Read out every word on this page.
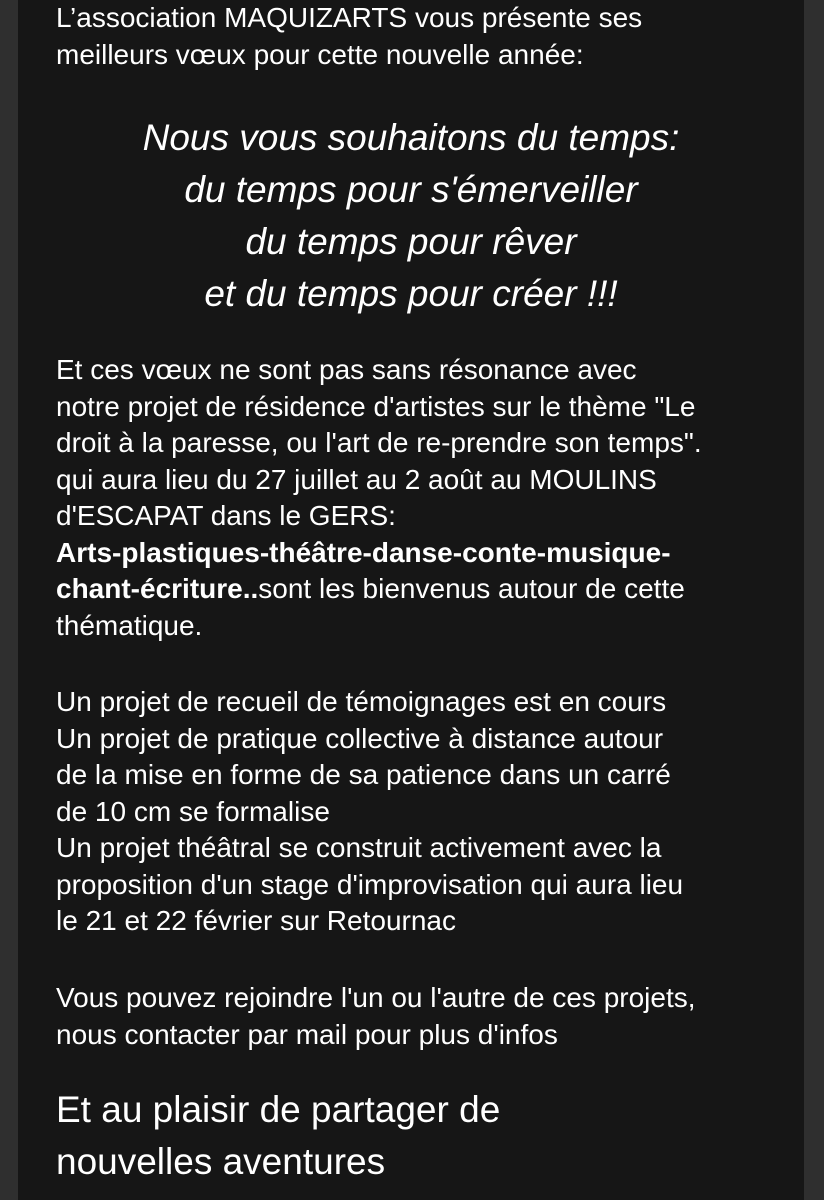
L’association MAQUIZARTS vous présente ses
meilleurs vœux pour cette nouvelle année:

Nous vous souhaitons du temps:
du temps pour s'émerveiller
du temps pour rêver
et du temps pour créer !!!

Et ces vœux ne sont pas sans résonance avec
notre projet de résidence d'artistes sur le thème "Le
droit à la paresse, ou l'art de re-prendre son temps".
qui aura lieu du 27 juillet au 2 août au MOULINS
d'ESCAPAT dans le GERS:
Arts-plastiques-théâtre-danse-conte-musique-
chant-écriture..sont les bienvenus autour de cette
thématique.

Un projet de recueil de témoignages est en cours
Un projet de pratique collective à distance autour
de la mise en forme de sa patience dans un carré
de 10 cm se formalise
Un projet théâtral se construit activement avec la
proposition d'un stage d'improvisation qui aura lieu
le 21 et 22 février sur Retournac

Vous pouvez rejoindre l'un ou l'autre de ces projets,
nous contacter par mail pour plus d'infos

Et au plaisir de partager de
nouvelles aventures
